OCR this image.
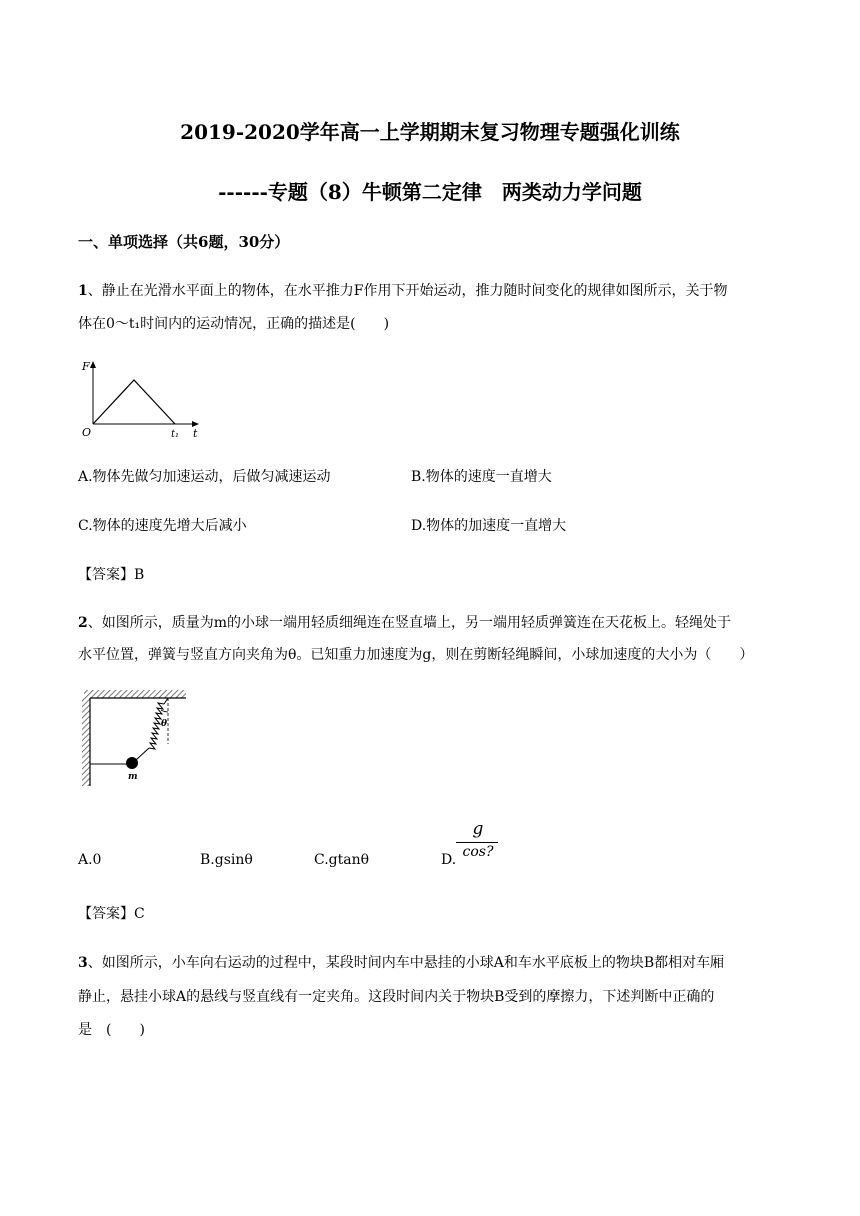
2019-2020学年高一上学期期末复习物理专题强化训练
------专题（8）牛顿第二定律　两类动力学问题
一、单项选择（共6题，30分）
1、静止在光滑水平面上的物体，在水平推力F作用下开始运动，推力随时间变化的规律如图所示，关于物
体在0～t₁时间内的运动情况，正确的描述是(　　)
F
O	t₁ t
A.物体先做匀加速运动，后做匀减速运动	B.物体的速度一直增大
C.物体的速度先增大后减小	D.物体的加速度一直增大
【答案】B
2、如图所示，质量为m的小球一端用轻质细绳连在竖直墙上，另一端用轻质弹簧连在天花板上。轻绳处于
水平位置，弹簧与竖直方向夹角为θ。已知重力加速度为g，则在剪断轻绳瞬间，小球加速度的大小为（　　）
θ
m
A.0	B.gsinθ	C.gtanθ	D.
g
cos?
【答案】C
3、如图所示，小车向右运动的过程中，某段时间内车中悬挂的小球A和车水平底板上的物块B都相对车厢
静止，悬挂小球A的悬线与竖直线有一定夹角。这段时间内关于物块B受到的摩擦力，下述判断中正确的
是　(　　)
